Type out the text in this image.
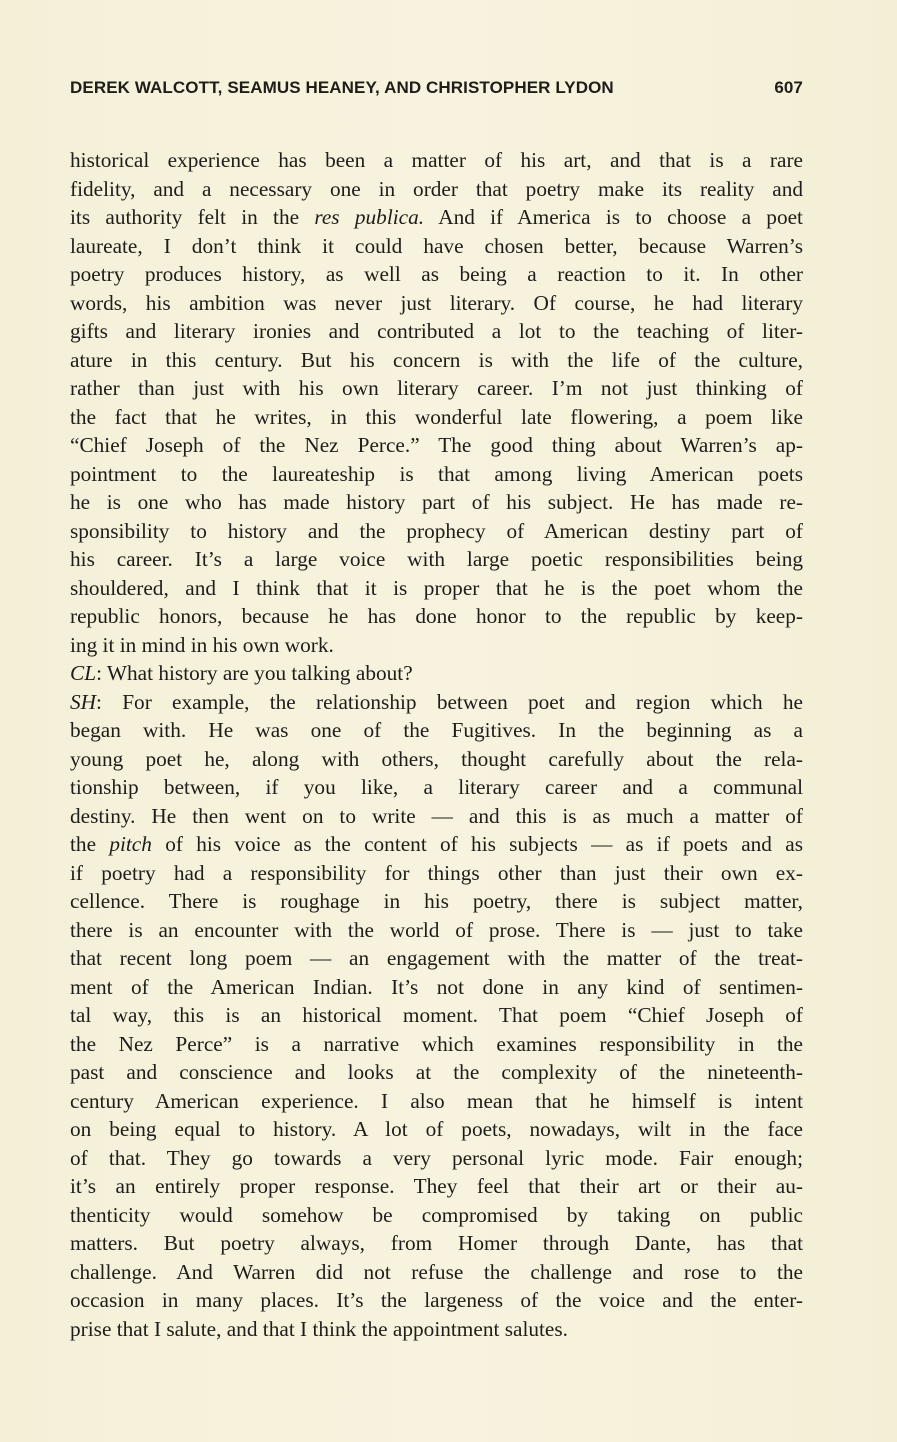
DEREK WALCOTT, SEAMUS HEANEY, AND CHRISTOPHER LYDON	607
historical experience has been a matter of his art, and that is a rare
fidelity, and a necessary one in order that poetry make its reality and
its authority felt in the res publica. And if America is to choose a poet
laureate, I don’t think it could have chosen better, because Warren’s
poetry produces history, as well as being a reaction to it. In other
words, his ambition was never just literary. Of course, he had literary
gifts and literary ironies and contributed a lot to the teaching of liter-
ature in this century. But his concern is with the life of the culture,
rather than just with his own literary career. I’m not just thinking of
the fact that he writes, in this wonderful late flowering, a poem like
“Chief Joseph of the Nez Perce.” The good thing about Warren’s ap-
pointment to the laureateship is that among living American poets
he is one who has made history part of his subject. He has made re-
sponsibility to history and the prophecy of American destiny part of
his career. It’s a large voice with large poetic responsibilities being
shouldered, and I think that it is proper that he is the poet whom the
republic honors, because he has done honor to the republic by keep-
ing it in mind in his own work.
CL: What history are you talking about?
SH: For example, the relationship between poet and region which he
began with. He was one of the Fugitives. In the beginning as a
young poet he, along with others, thought carefully about the rela-
tionship between, if you like, a literary career and a communal
destiny. He then went on to write — and this is as much a matter of
the pitch of his voice as the content of his subjects — as if poets and as
if poetry had a responsibility for things other than just their own ex-
cellence. There is roughage in his poetry, there is subject matter,
there is an encounter with the world of prose. There is — just to take
that recent long poem — an engagement with the matter of the treat-
ment of the American Indian. It’s not done in any kind of sentimen-
tal way, this is an historical moment. That poem “Chief Joseph of
the Nez Perce” is a narrative which examines responsibility in the
past and conscience and looks at the complexity of the nineteenth-
century American experience. I also mean that he himself is intent
on being equal to history. A lot of poets, nowadays, wilt in the face
of that. They go towards a very personal lyric mode. Fair enough;
it’s an entirely proper response. They feel that their art or their au-
thenticity would somehow be compromised by taking on public
matters. But poetry always, from Homer through Dante, has that
challenge. And Warren did not refuse the challenge and rose to the
occasion in many places. It’s the largeness of the voice and the enter-
prise that I salute, and that I think the appointment salutes.
